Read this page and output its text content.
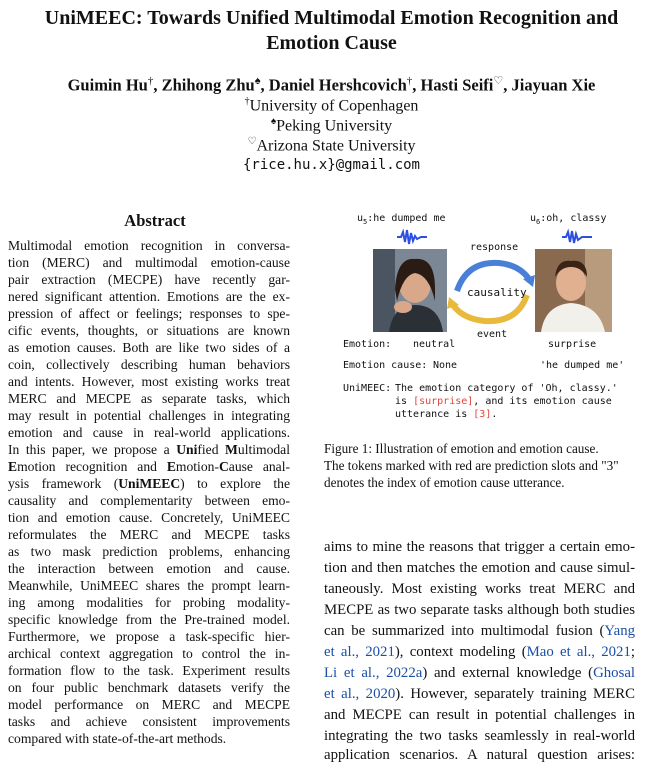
UniMEEC: Towards Unified Multimodal Emotion Recognition and
Emotion Cause
Guimin Hu†, Zhihong Zhu♠, Daniel Hershcovich†, Hasti Seifi♡, Jiayuan Xie
†University of Copenhagen
♠Peking University
♡Arizona State University
{rice.hu.x}@gmail.com
Abstract
Multimodal emotion recognition in conversa-
tion (MERC) and multimodal emotion-cause
pair extraction (MECPE) have recently gar-
nered significant attention. Emotions are the ex-
pression of affect or feelings; responses to spe-
cific events, thoughts, or situations are known
as emotion causes. Both are like two sides of a
coin, collectively describing human behaviors
and intents. However, most existing works treat
MERC and MECPE as separate tasks, which
may result in potential challenges in integrating
emotion and cause in real-world applications.
In this paper, we propose a Unified Multimodal
Emotion recognition and Emotion-Cause anal-
ysis framework (UniMEEC) to explore the
causality and complementarity between emo-
tion and emotion cause. Concretely, UniMEEC
reformulates the MERC and MECPE tasks
as two mask prediction problems, enhancing
the interaction between emotion and cause.
Meanwhile, UniMEEC shares the prompt learn-
ing among modalities for probing modality-
specific knowledge from the Pre-trained model.
Furthermore, we propose a task-specific hier-
archical context aggregation to control the in-
formation flow to the task. Experiment results
on four public benchmark datasets verify the
model performance on MERC and MECPE
tasks and achieve consistent improvements
compared with state-of-the-art methods.
$u_5:he$ dumped me	$u_6:oh$, classy
response
causality
event
Emotion: neutral	surprise
Emotion cause: None	'he dumped me'
UniMEEC: The emotion category of 'Oh, classy.'
is [surprise], and its emotion cause
utterance is [3].
Figure 1: Illustration of emotion and emotion cause.
The tokens marked with red are prediction slots and "3"
denotes the index of emotion cause utterance.
aims to mine the reasons that trigger a certain emo-
tion and then matches the emotion and cause simul-
taneously. Most existing works treat MERC and
MECPE as two separate tasks although both studies
can be summarized into multimodal fusion (Yang
et al., 2021), context modeling (Mao et al., 2021;
Li et al., 2022a) and external knowledge (Ghosal
et al., 2020). However, separately training MERC
and MECPE can result in potential challenges in
integrating the two tasks seamlessly in real-world
application scenarios. A natural question arises:
